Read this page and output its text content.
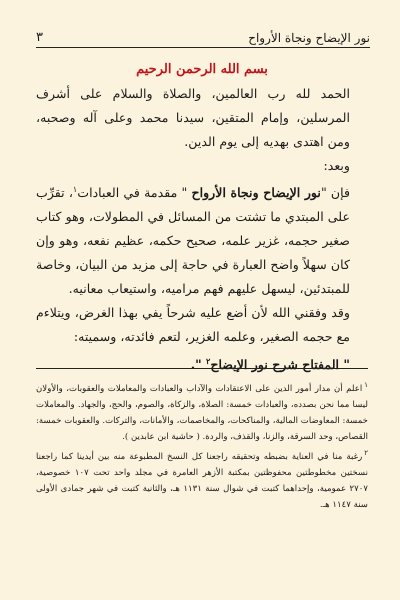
نور الإيضاح ونجاة الأرواح
٣

بسم الله الرحمن الرحيم

الحمد لله رب العالمين، والصلاة والسلام على أشرف المرسلين، وإمام المتقين، سيدنا محمد وعلى آله وصحبه، ومن اهتدى بهديه إلى يوم الدين.

وبعد:

فإن "نور الإيضاح ونجاة الأرواح " مقدمة في العبادات$^١$، تقرِّب على المبتدي ما تشتت من المسائل في المطولات، وهو كتاب صغير حجمه، غزير علمه، صحيح حكمه، عظيم نفعه، وهو وإن كان سهلاً واضح العبارة في حاجة إلى مزيد من البيان، وخاصة للمبتدئين، ليسهل عليهم فهم مراميه، واستيعاب معانيه.

وقد وفقني الله لأن أضع عليه شرحاً يفي بهذا الغرض، ويتلاءم مع حجمه الصغير، وعلمه الغزير، لتعم فائدته، وسميته:

" المفتاح شرح نور الإيضاح$^٢$ ".

$^١$اعلم أن مدار أمور الدين على الاعتقادات والآداب والعبادات والمعاملات والعقوبات، والأولان ليسا مما نحن بصدده، والعبادات خمسة: الصلاة، والزكاة، والصوم، والحج، والجهاد. والمعاملات خمسة: المعاوضات المالية، والمناكحات، والمخاصمات، والأمانات، والتركات. والعقوبات خمسة: القصاص، وحد السرقة، والزنا، والقذف، والردة. ( حاشية ابن عابدين ).

$^٢$رغبة منا في العناية بضبطه وتحقيقه راجعنا كل النسخ المطبوعة منه بين أيدينا كما راجعنا نسختين مخطوطتين محفوظتين بمكتبة الأزهر العامرة في مجلد واحد تحت ١٠٧ خصوصية، ٢٧٠٧ عمومية، وإحداهما كتبت في شوال سنة ١١٣١ هـ، والثانية كتبت في شهر جمادى الأولى سنة ١١٤٧ هـ.
